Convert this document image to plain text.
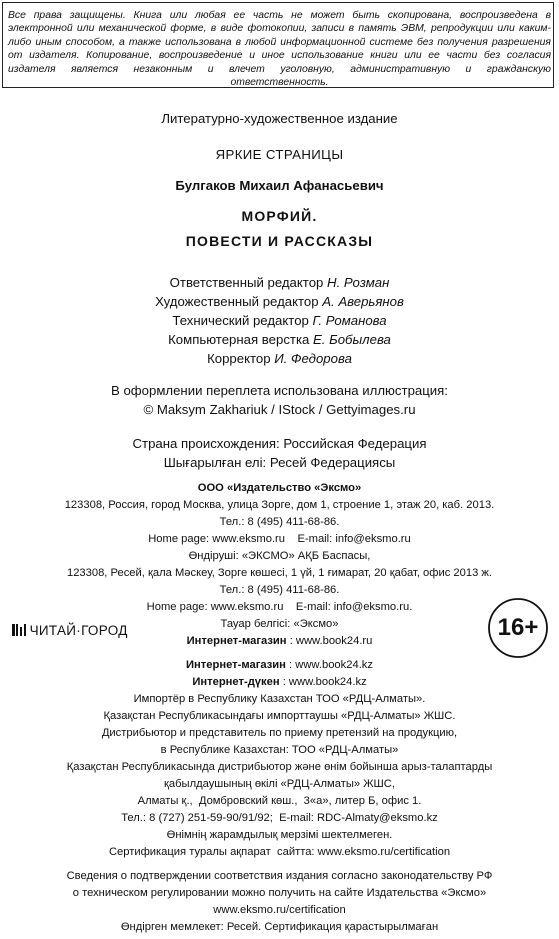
Все права защищены. Книга или любая ее часть не может быть скопирована, воспроизведена в электронной или механической форме, в виде фотокопии, записи в память ЭВМ, репродукции или каким-либо иным способом, а также использована в любой информационной системе без получения разрешения от издателя. Копирование, воспроизведение и иное использование книги или ее части без согласия издателя является незаконным и влечет уголовную, административную и гражданскую ответственность.
Литературно-художественное издание
ЯРКИЕ СТРАНИЦЫ
Булгаков Михаил Афанасьевич
МОРФИЙ.
ПОВЕСТИ И РАССКАЗЫ
Ответственный редактор Н. Розман
Художественный редактор А. Аверьянов
Технический редактор Г. Романова
Компьютерная верстка Е. Бобылева
Корректор И. Федорова
В оформлении переплета использована иллюстрация:
© Maksym Zakhariuk / IStock / Gettyimages.ru
Страна происхождения: Российская Федерация
Шығарылған елі: Ресей Федерациясы
ООО «Издательство «Эксмо»
123308, Россия, город Москва, улица Зорге, дом 1, строение 1, этаж 20, каб. 2013.
Тел.: 8 (495) 411-68-86.
Home page: www.eksmo.ru    E-mail: info@eksmo.ru
Өндіруші: «ЭКСМО» АҚБ Баспасы,
123308, Ресей, қала Мәскеу, Зорге көшесі, 1 үй, 1 ғимарат, 20 қабат, офис 2013 ж.
Тел.: 8 (495) 411-68-86.
Home page: www.eksmo.ru    E-mail: info@eksmo.ru.
Тауар белгісі: «Эксмо»
Интернет-магазин : www.book24.ru
ЧИТАЙ·ГОРОД	16+
Интернет-магазин : www.book24.kz
Интернет-дүкен : www.book24.kz
Импортёр в Республику Казахстан ТОО «РДЦ-Алматы».
Қазақстан Республикасындағы импорттаушы «РДЦ-Алматы» ЖШС.
Дистрибьютор и представитель по приему претензий на продукцию,
в Республике Казахстан: ТОО «РДЦ-Алматы»
Қазақстан Республикасында дистрибьютор және өнім бойынша арыз-талаптарды
қабылдаушының өкілі «РДЦ-Алматы» ЖШС,
Алматы қ.,  Домбровский көш.,  3«а», литер Б, офис 1.
Тел.: 8 (727) 251-59-90/91/92;  E-mail: RDC-Almaty@eksmo.kz
Өнімнің жарамдылық мерзімі шектелмеген.
Сертификация туралы ақпарат  сайтта: www.eksmo.ru/certification
Сведения о подтверждении соответствия издания согласно законодательству РФ
о техническом регулировании можно получить на сайте Издательства «Эксмо»
www.eksmo.ru/certification
Өндірген мемлекет: Ресей. Сертификация қарастырылмаған
